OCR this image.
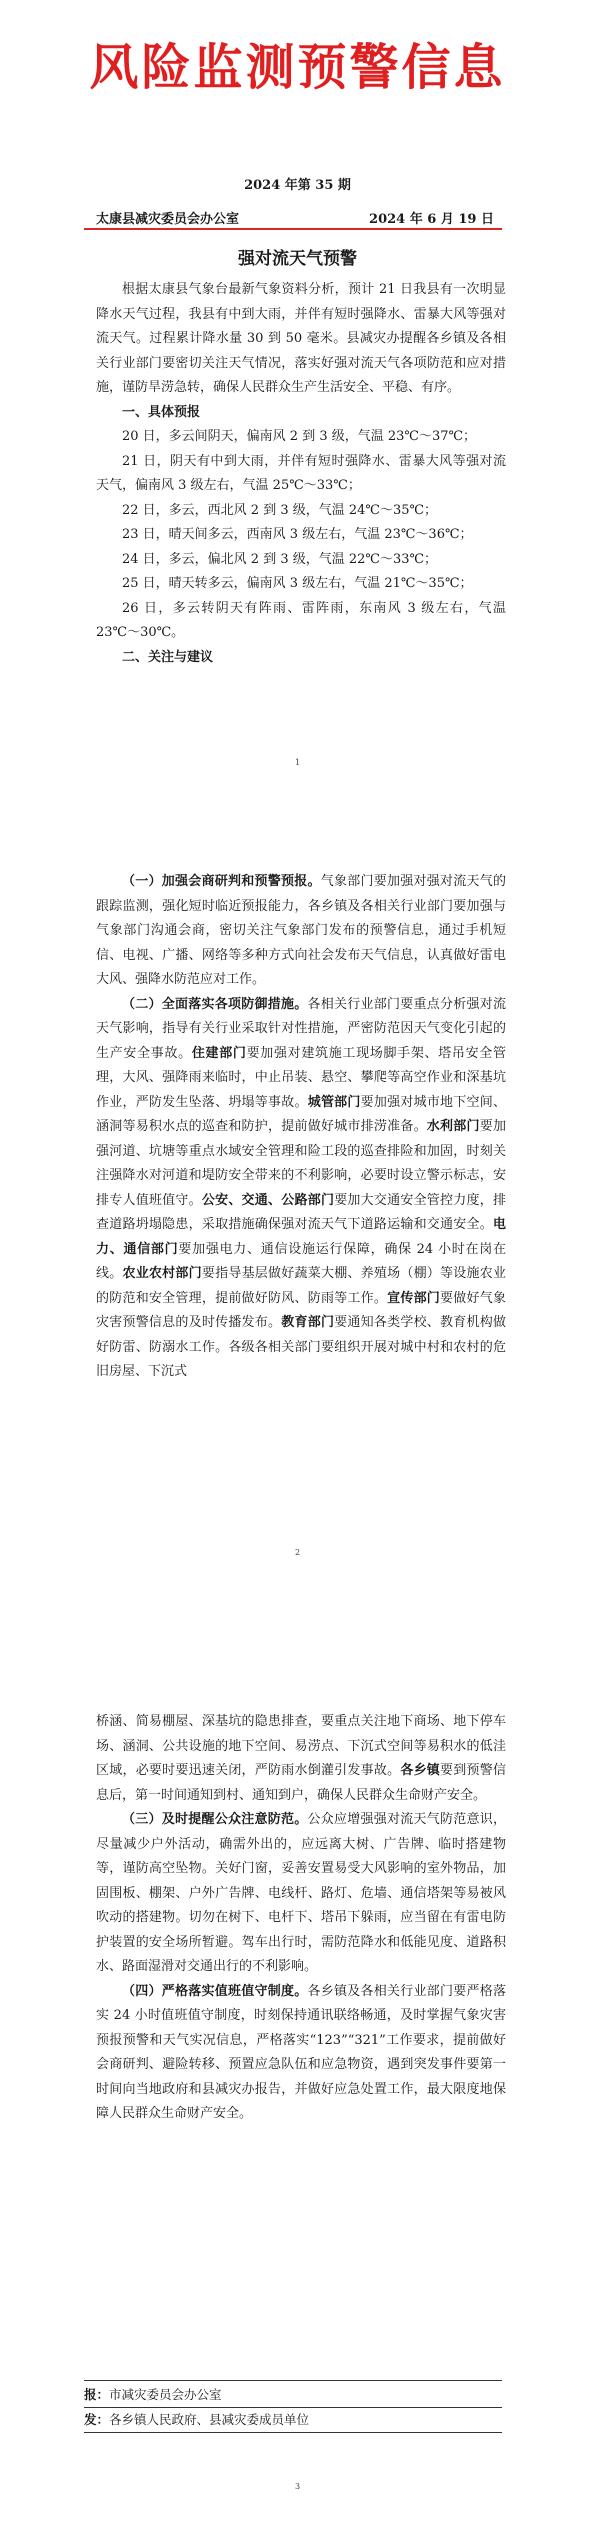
风险监测预警信息
2024 年第 35 期
太康县减灾委员会办公室	2024 年 6 月 19 日
强对流天气预警

根据太康县气象台最新气象资料分析，预计 21 日我县有一次明显降水天气过程，我县有中到大雨，并伴有短时强降水、雷暴大风等强对流天气。过程累计降水量 30 到 50 毫米。县减灾办提醒各乡镇及各相关行业部门要密切关注天气情况，落实好强对流天气各项防范和应对措施，谨防旱涝急转，确保人民群众生产生活安全、平稳、有序。

一、具体预报

20 日，多云间阴天，偏南风 2 到 3 级，气温 23℃～37℃；

21 日，阴天有中到大雨，并伴有短时强降水、雷暴大风等强对流天气，偏南风 3 级左右，气温 25℃～33℃；

22 日，多云，西北风 2 到 3 级，气温 24℃～35℃；

23 日，晴天间多云，西南风 3 级左右，气温 23℃～36℃；

24 日，多云，偏北风 2 到 3 级，气温 22℃～33℃；

25 日，晴天转多云，偏南风 3 级左右，气温 21℃～35℃；

26 日，多云转阴天有阵雨、雷阵雨，东南风 3 级左右，气温 23℃～30℃。

二、关注与建议

1

（一）加强会商研判和预警预报。气象部门要加强对强对流天气的跟踪监测，强化短时临近预报能力，各乡镇及各相关行业部门要加强与气象部门沟通会商，密切关注气象部门发布的预警信息，通过手机短信、电视、广播、网络等多种方式向社会发布天气信息，认真做好雷电大风、强降水防范应对工作。

（二）全面落实各项防御措施。各相关行业部门要重点分析强对流天气影响，指导有关行业采取针对性措施，严密防范因天气变化引起的生产安全事故。住建部门要加强对建筑施工现场脚手架、塔吊安全管理，大风、强降雨来临时，中止吊装、悬空、攀爬等高空作业和深基坑作业，严防发生坠落、坍塌等事故。城管部门要加强对城市地下空间、涵洞等易积水点的巡查和防护，提前做好城市排涝准备。水利部门要加强河道、坑塘等重点水域安全管理和险工段的巡查排险和加固，时刻关注强降水对河道和堤防安全带来的不利影响，必要时设立警示标志，安排专人值班值守。公安、交通、公路部门要加大交通安全管控力度，排查道路坍塌隐患，采取措施确保强对流天气下道路运输和交通安全。电力、通信部门要加强电力、通信设施运行保障，确保 24 小时在岗在线。农业农村部门要指导基层做好蔬菜大棚、养殖场（棚）等设施农业的防范和安全管理，提前做好防风、防雨等工作。宣传部门要做好气象灾害预警信息的及时传播发布。教育部门要通知各类学校、教育机构做好防雷、防溺水工作。各级各相关部门要组织开展对城中村和农村的危旧房屋、下沉式

2

桥涵、简易棚屋、深基坑的隐患排查，要重点关注地下商场、地下停车场、涵洞、公共设施的地下空间、易涝点、下沉式空间等易积水的低洼区域，必要时要迅速关闭，严防雨水倒灌引发事故。各乡镇要到预警信息后，第一时间通知到村、通知到户，确保人民群众生命财产安全。

（三）及时提醒公众注意防范。公众应增强强对流天气防范意识，尽量减少户外活动，确需外出的，应远离大树、广告牌、临时搭建物等，谨防高空坠物。关好门窗，妥善安置易受大风影响的室外物品，加固围板、棚架、户外广告牌、电线杆、路灯、危墙、通信塔架等易被风吹动的搭建物。切勿在树下、电杆下、塔吊下躲雨，应当留在有雷电防护装置的安全场所暂避。驾车出行时，需防范降水和低能见度、道路积水、路面湿滑对交通出行的不利影响。

（四）严格落实值班值守制度。各乡镇及各相关行业部门要严格落实 24 小时值班值守制度，时刻保持通讯联络畅通，及时掌握气象灾害预报预警和天气实况信息，严格落实“123”“321”工作要求，提前做好会商研判、避险转移、预置应急队伍和应急物资，遇到突发事件要第一时间向当地政府和县减灾办报告，并做好应急处置工作，最大限度地保障人民群众生命财产安全。

报：市减灾委员会办公室
发：各乡镇人民政府、县减灾委成员单位
3
